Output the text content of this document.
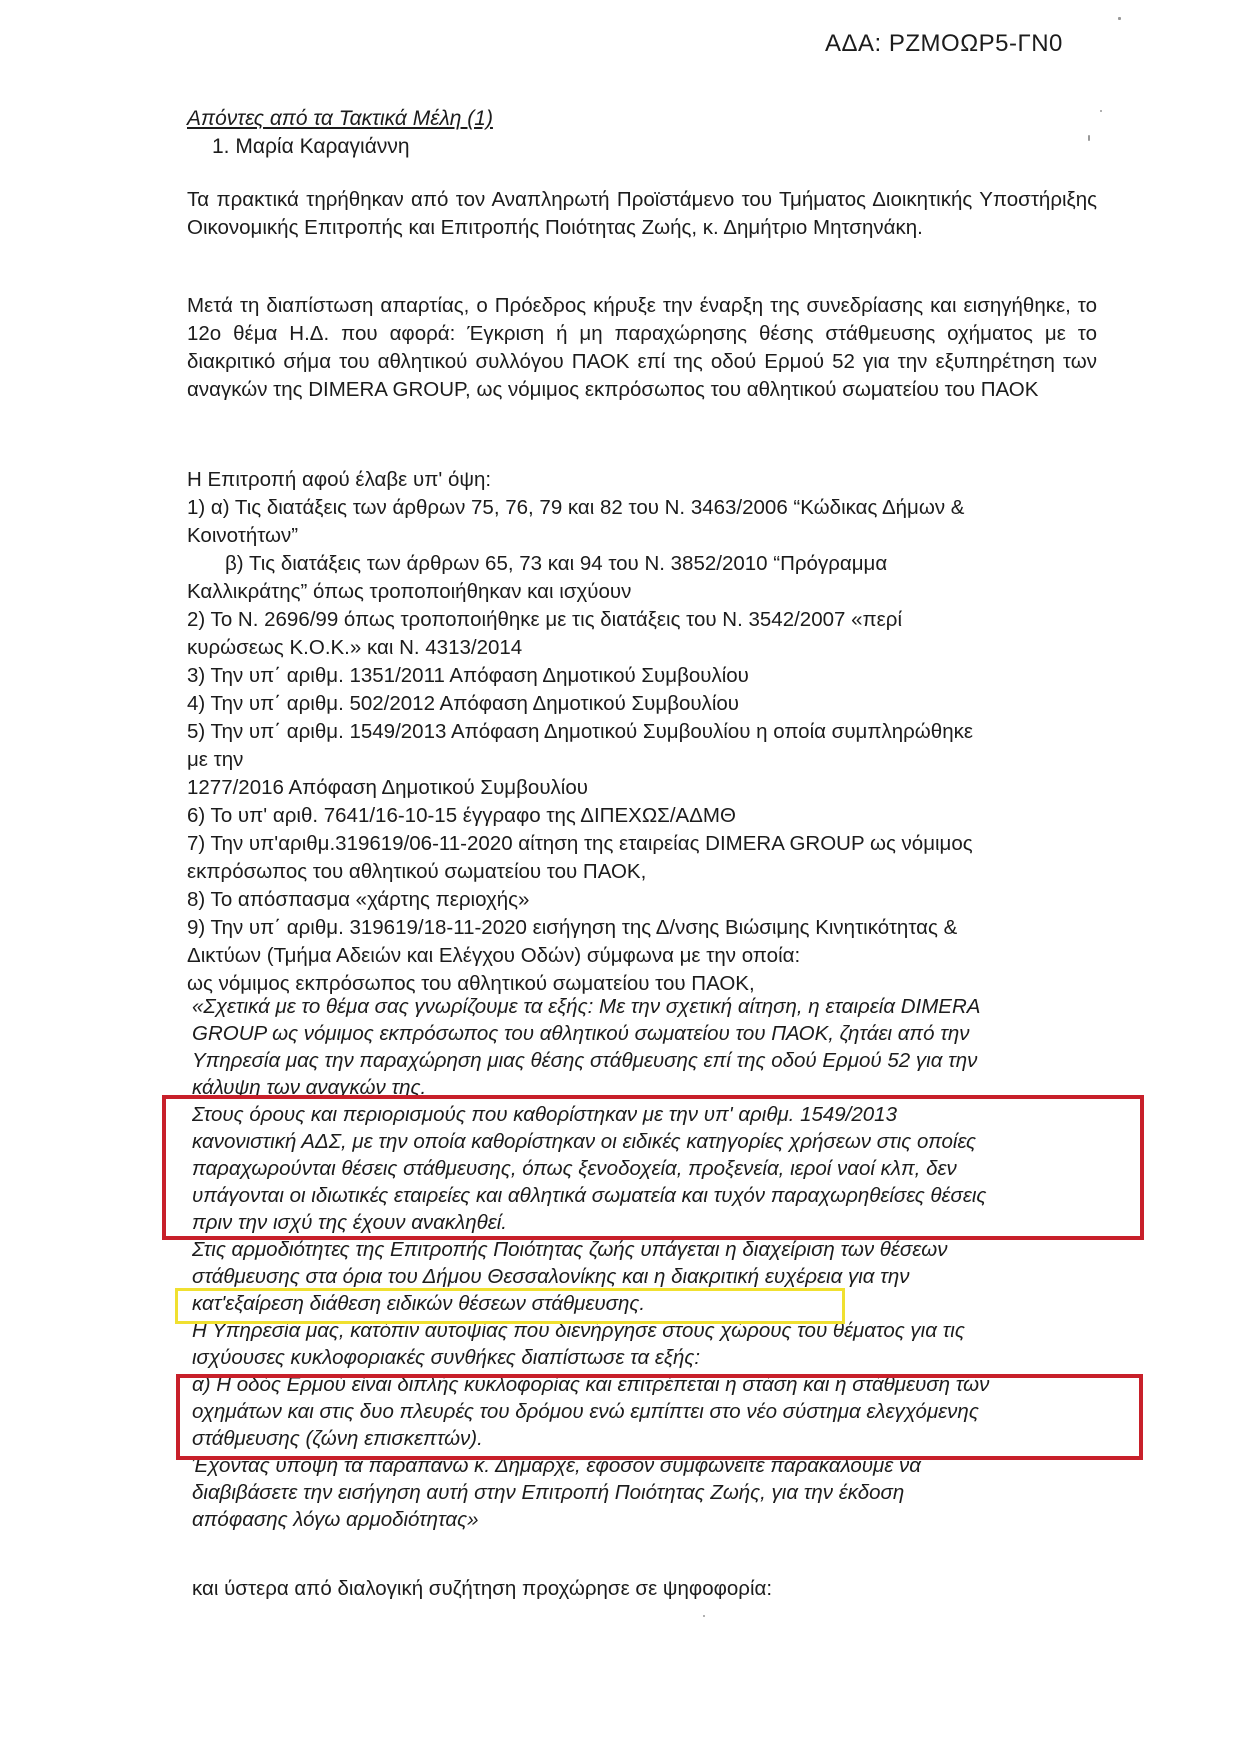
ΑΔΑ: ΡΖΜΟΩΡ5-ΓΝ0
Απόντες από τα Τακτικά Μέλη (1)
1. Μαρία Καραγιάννη
Τα πρακτικά τηρήθηκαν από τον Αναπληρωτή Προϊστάμενο του Τμήματος Διοικητικής Υποστήριξης Οικονομικής Επιτροπής και Επιτροπής Ποιότητας Ζωής, κ. Δημήτριο Μητσηνάκη.
Μετά τη διαπίστωση απαρτίας, ο Πρόεδρος κήρυξε την έναρξη της συνεδρίασης και εισηγήθηκε, το 12ο θέμα Η.Δ. που αφορά: Έγκριση ή μη παραχώρησης θέσης στάθμευσης οχήματος με το διακριτικό σήμα του αθλητικού συλλόγου ΠΑΟΚ επί της οδού Ερμού 52 για την εξυπηρέτηση των αναγκών της DIMERA GROUP, ως νόμιμος εκπρόσωπος του αθλητικού σωματείου του ΠΑΟΚ
Η Επιτροπή αφού έλαβε υπ' όψη:
1) α) Τις διατάξεις των άρθρων 75, 76, 79 και 82 του Ν. 3463/2006 “Κώδικας Δήμων &
Κοινοτήτων”
β) Τις διατάξεις των άρθρων 65, 73 και 94 του Ν. 3852/2010 “Πρόγραμμα
Καλλικράτης” όπως τροποποιήθηκαν και ισχύουν
2) Το Ν. 2696/99 όπως τροποποιήθηκε με τις διατάξεις του Ν. 3542/2007 «περί
κυρώσεως Κ.Ο.Κ.» και Ν. 4313/2014
3) Την υπ΄ αριθμ. 1351/2011 Απόφαση Δημοτικού Συμβουλίου
4) Την υπ΄ αριθμ. 502/2012 Απόφαση Δημοτικού Συμβουλίου
5) Την υπ΄ αριθμ. 1549/2013 Απόφαση Δημοτικού Συμβουλίου η οποία συμπληρώθηκε
με την
1277/2016 Απόφαση Δημοτικού Συμβουλίου
6) Το υπ' αριθ. 7641/16-10-15 έγγραφο της ΔΙΠΕΧΩΣ/ΑΔΜΘ
7) Την υπ'αριθμ.319619/06-11-2020 αίτηση της εταιρείας DIMERA GROUP ως νόμιμος
εκπρόσωπος του αθλητικού σωματείου του ΠΑΟΚ,
8) Το απόσπασμα «χάρτης περιοχής»
9) Την υπ΄ αριθμ. 319619/18-11-2020 εισήγηση της Δ/νσης Βιώσιμης Κινητικότητας &
Δικτύων (Τμήμα Αδειών και Ελέγχου Οδών) σύμφωνα με την οποία:
ως νόμιμος εκπρόσωπος του αθλητικού σωματείου του ΠΑΟΚ,
«Σχετικά με το θέμα σας γνωρίζουμε τα εξής: Με την σχετική αίτηση, η εταιρεία DIMERA
GROUP ως νόμιμος εκπρόσωπος του αθλητικού σωματείου του ΠΑΟΚ, ζητάει από την
Υπηρεσία μας την παραχώρηση μιας θέσης στάθμευσης επί της οδού Ερμού 52 για την
κάλυψη των αναγκών της.
Στους όρους και περιορισμούς που καθορίστηκαν με την υπ' αριθμ. 1549/2013
κανονιστική ΑΔΣ, με την οποία καθορίστηκαν οι ειδικές κατηγορίες χρήσεων στις οποίες
παραχωρούνται θέσεις στάθμευσης, όπως ξενοδοχεία, προξενεία, ιεροί ναοί κλπ, δεν
υπάγονται οι ιδιωτικές εταιρείες και αθλητικά σωματεία και τυχόν παραχωρηθείσες θέσεις
πριν την ισχύ της έχουν ανακληθεί.
Στις αρμοδιότητες της Επιτροπής Ποιότητας ζωής υπάγεται η διαχείριση των θέσεων
στάθμευσης στα όρια του Δήμου Θεσσαλονίκης και η διακριτική ευχέρεια για την
κατ'εξαίρεση διάθεση ειδικών θέσεων στάθμευσης.
Η Υπηρεσία μας, κατόπιν αυτοψίας που διενήργησε στους χώρους του θέματος για τις
ισχύουσες κυκλοφοριακές συνθήκες διαπίστωσε τα εξής:
α) Η οδός Ερμού είναι διπλής κυκλοφορίας και επιτρέπεται η στάση και η στάθμευση των
οχημάτων και στις δυο πλευρές του δρόμου ενώ εμπίπτει στο νέο σύστημα ελεγχόμενης
στάθμευσης (ζώνη επισκεπτών).
Έχοντας υπόψη τα παραπάνω κ. Δήμαρχε, εφόσον συμφωνείτε παρακαλούμε να
διαβιβάσετε την εισήγηση αυτή στην Επιτροπή Ποιότητας Ζωής, για την έκδοση
απόφασης λόγω αρμοδιότητας»
και ύστερα από διαλογική συζήτηση προχώρησε σε ψηφοφορία:
